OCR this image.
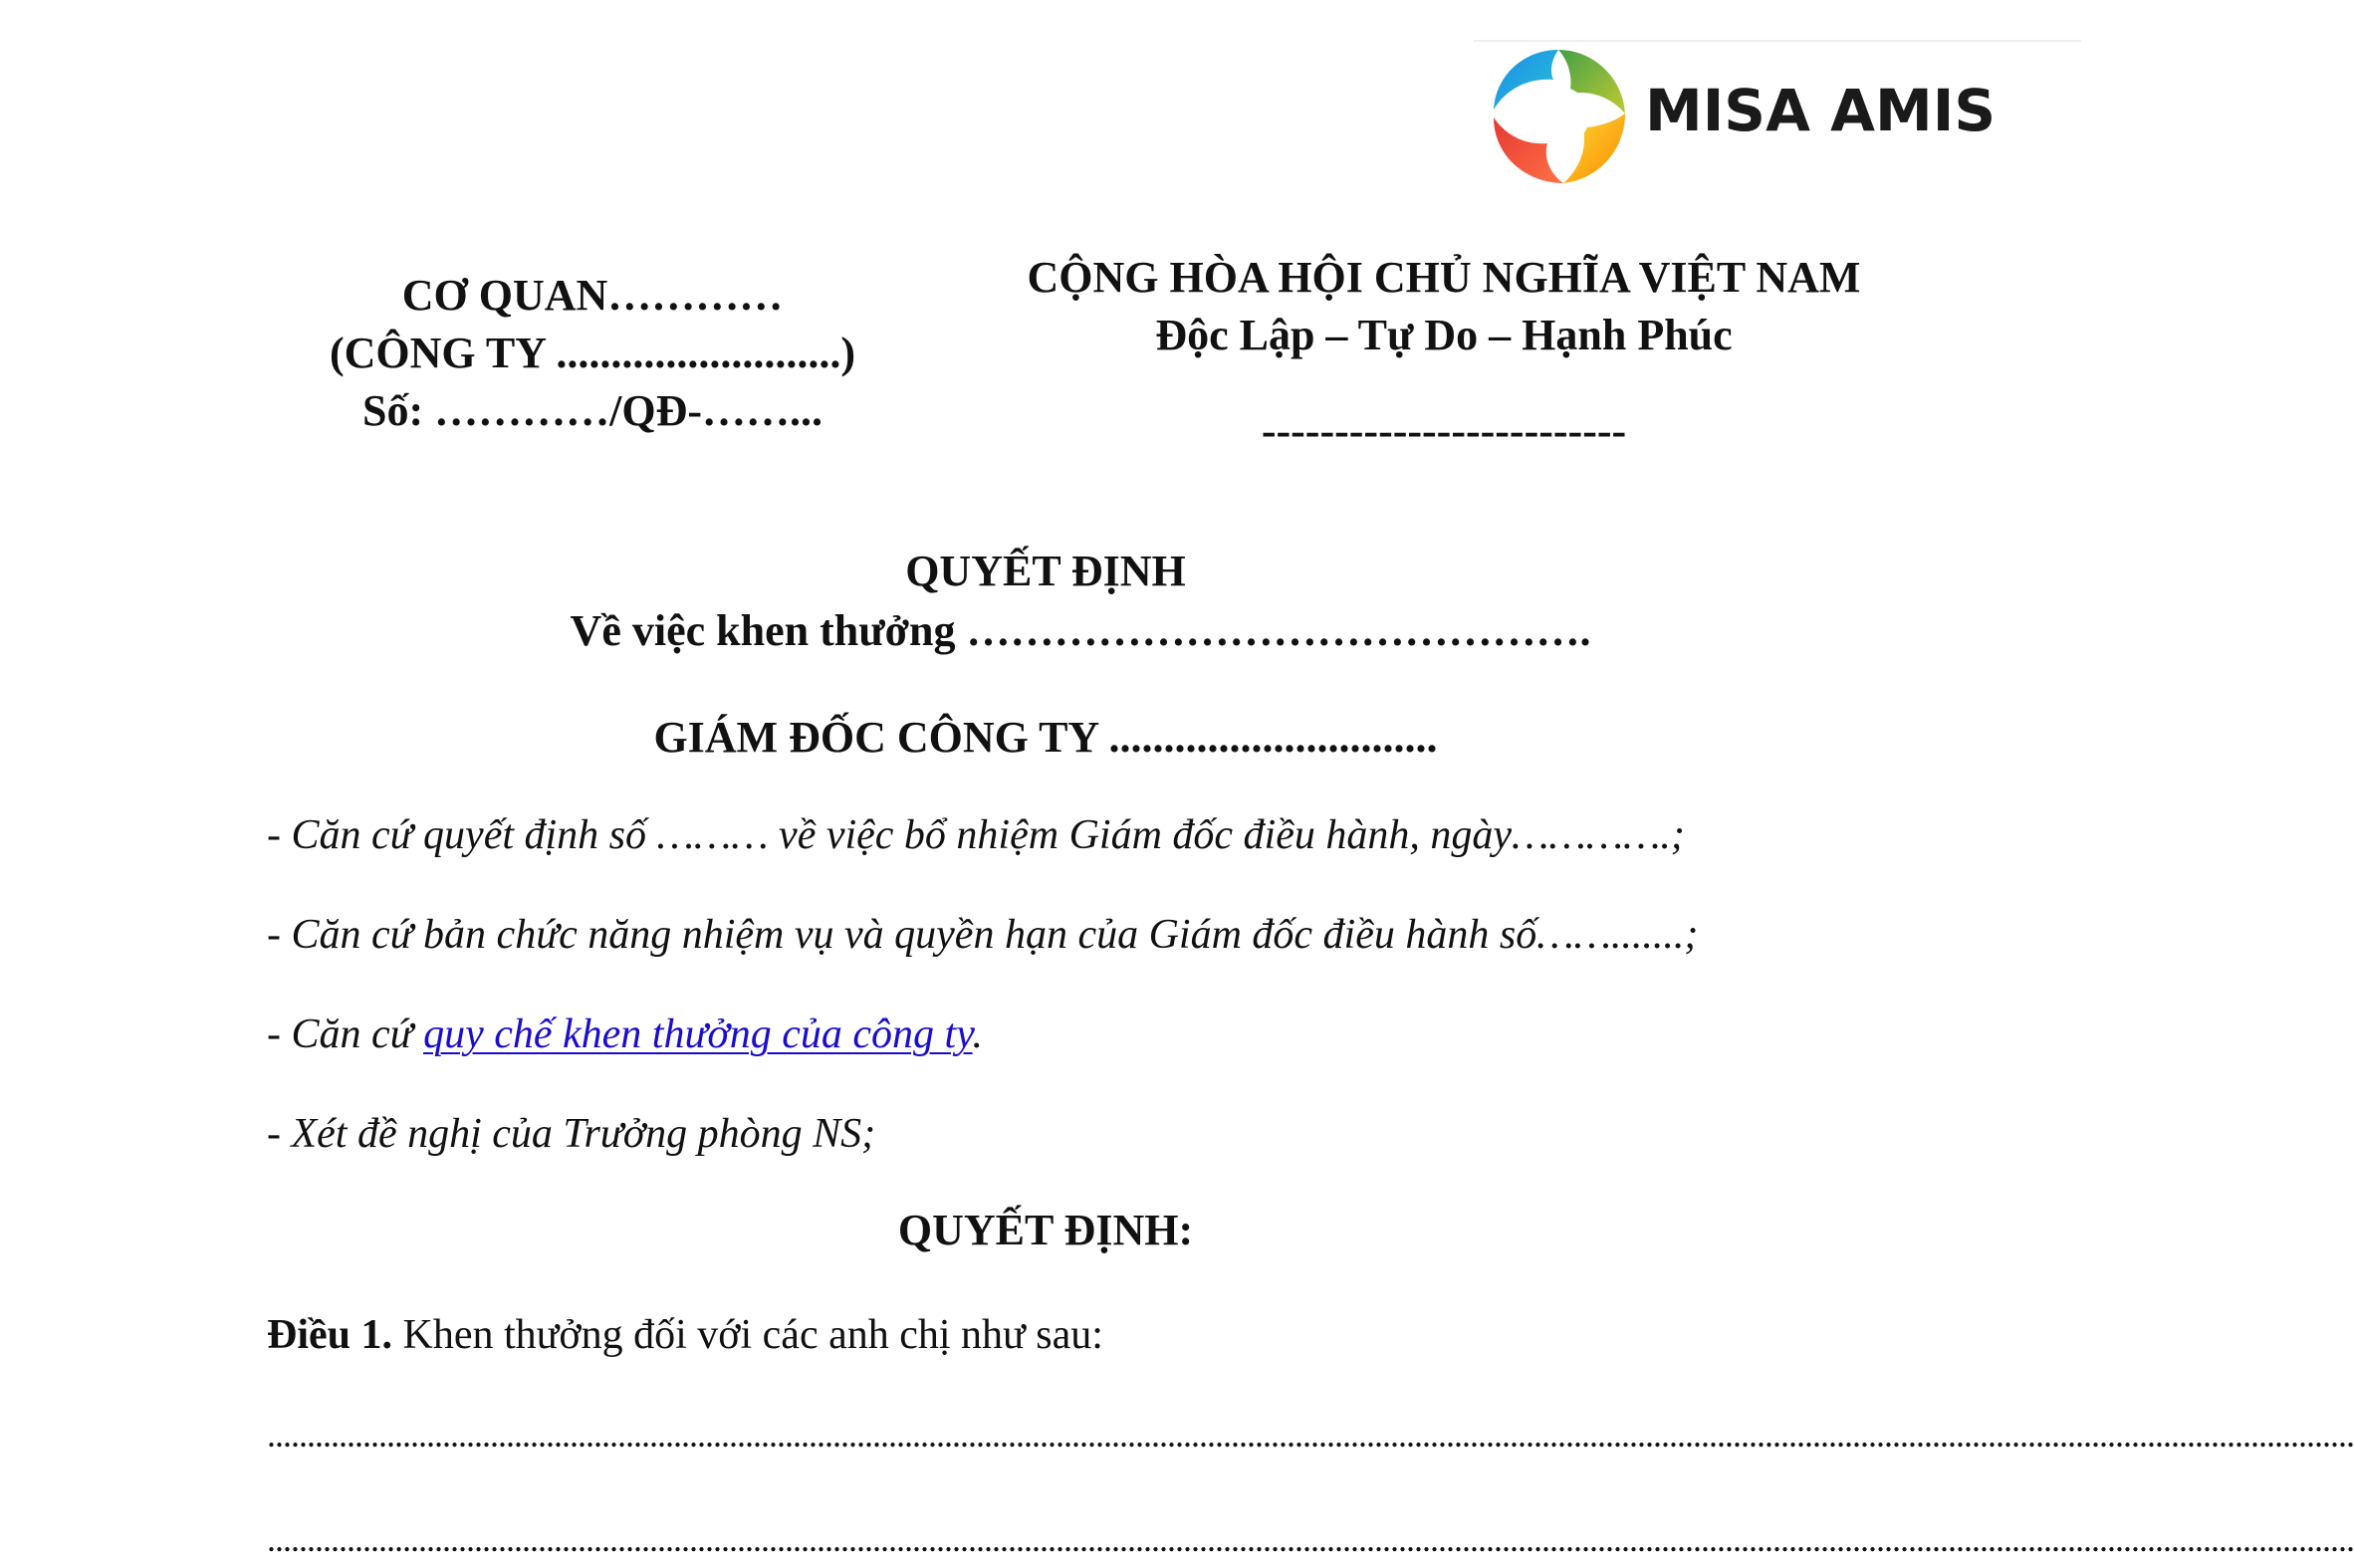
MISA AMIS
CƠ QUAN…………
(CÔNG TY ..........................)
Số: …………/QĐ-……...
CỘNG HÒA HỘI CHỦ NGHĨA VIỆT NAM
Độc Lập – Tự Do – Hạnh Phúc
-------------------------
QUYẾT ĐỊNH
Về việc khen thưởng …………………………………….
GIÁM ĐỐC CÔNG TY ..............................
- Căn cứ quyết định số ……… về việc bổ nhiệm Giám đốc điều hành, ngày………….;
- Căn cứ bản chức năng nhiệm vụ và quyền hạn của Giám đốc điều hành số…….......;
- Căn cứ quy chế khen thưởng của công ty.
- Xét đề nghị của Trưởng phòng NS;
QUYẾT ĐỊNH:
Điều 1. Khen thưởng đối với các anh chị như sau:
......................................................................................................................................................................................................................................................................
......................................................................................................................................................................................................................................................................
